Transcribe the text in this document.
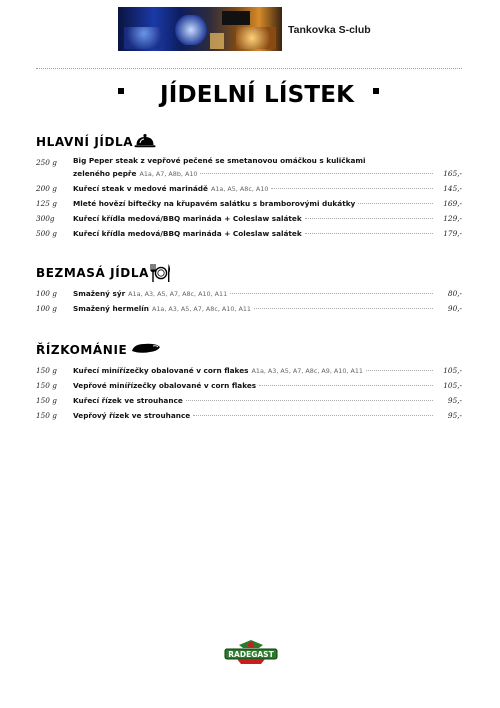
Tankovka S-club
JÍDELNÍ LÍSTEK
HLAVNÍ JÍDLA
250 g	Big Peper steak z vepřové pečené se smetanovou omáčkou s kuličkami
zeleného pepře A1a, A7, A8b, A10	165,-
200 g	Kuřecí steak v medové marinádě A1a, A5, A8c, A10	145,-
125 g	Mleté hovězí biftečky na křupavém salátku s bramborovými dukátky	169,-
300g	Kuřecí křídla medová/BBQ marináda + Coleslaw salátek	129,-
500 g	Kuřecí křídla medová/BBQ marináda + Coleslaw salátek	179,-
BEZMASÁ JÍDLA
100 g	Smažený sýr A1a, A3, A5, A7, A8c, A10, A11	80,-
100 g	Smažený hermelín A1a, A3, A5, A7, A8c, A10, A11	90,-
ŘÍZKOMÁNIE
150 g	Kuřecí minířízečky obalované v corn flakes A1a, A3, A5, A7, A8c, A9, A10, A11	105,-
150 g	Vepřové minířízečky obalované v corn flakes	105,-
150 g	Kuřecí řízek ve strouhance	95,-
150 g	Vepřový řízek ve strouhance	95,-
RADEGAST
